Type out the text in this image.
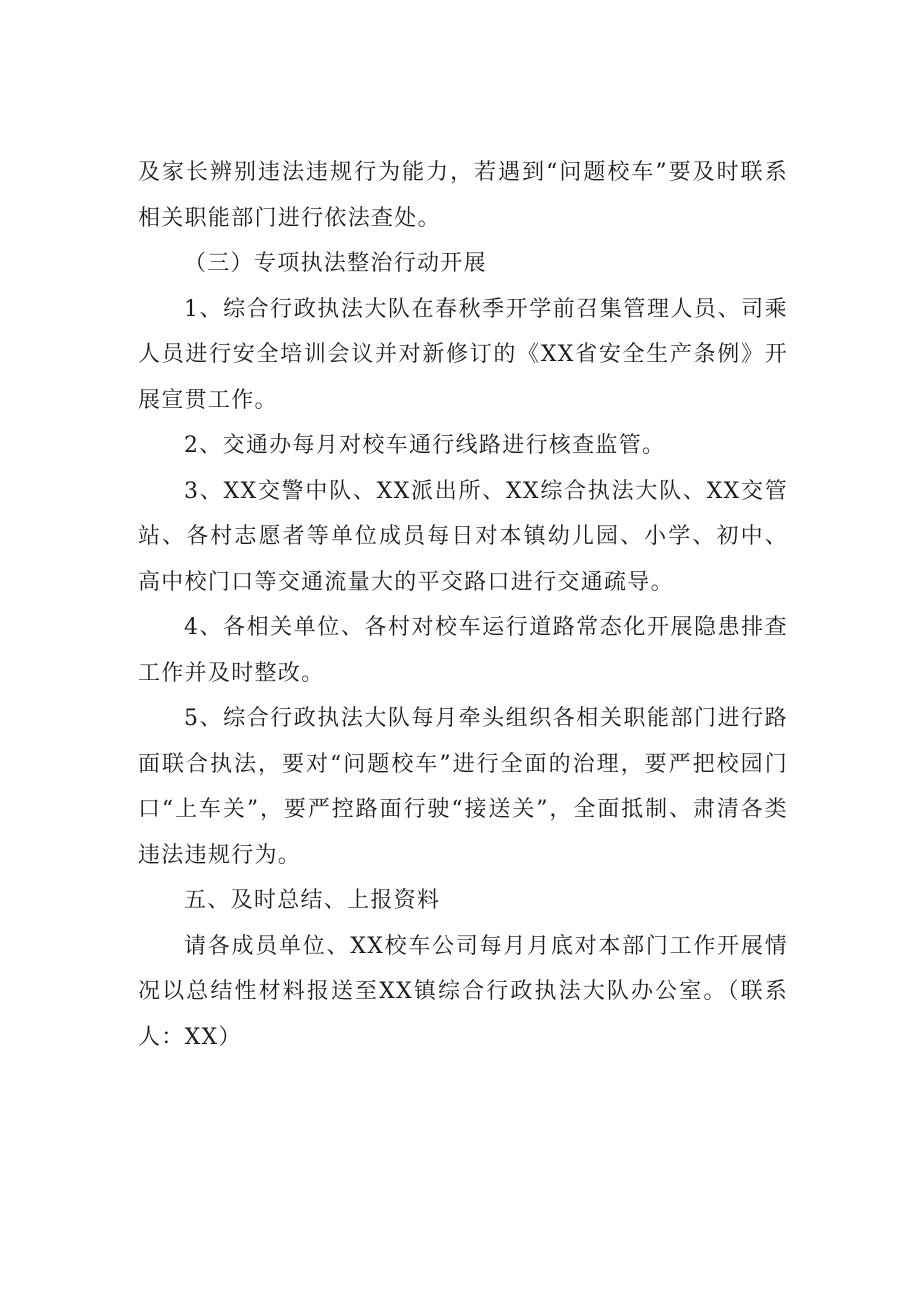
及家长辨别违法违规行为能力，若遇到“问题校车”要及时联系相关职能部门进行依法查处。

（三）专项执法整治行动开展

1、综合行政执法大队在春秋季开学前召集管理人员、司乘人员进行安全培训会议并对新修订的《XX省安全生产条例》开展宣贯工作。

2、交通办每月对校车通行线路进行核查监管。

3、XX交警中队、XX派出所、XX综合执法大队、XX交管站、各村志愿者等单位成员每日对本镇幼儿园、小学、初中、高中校门口等交通流量大的平交路口进行交通疏导。

4、各相关单位、各村对校车运行道路常态化开展隐患排查工作并及时整改。

5、综合行政执法大队每月牵头组织各相关职能部门进行路面联合执法，要对“问题校车”进行全面的治理，要严把校园门口“上车关”，要严控路面行驶“接送关”，全面抵制、肃清各类违法违规行为。

五、及时总结、上报资料

请各成员单位、XX校车公司每月月底对本部门工作开展情况以总结性材料报送至XX镇综合行政执法大队办公室。（联系人：XX）
